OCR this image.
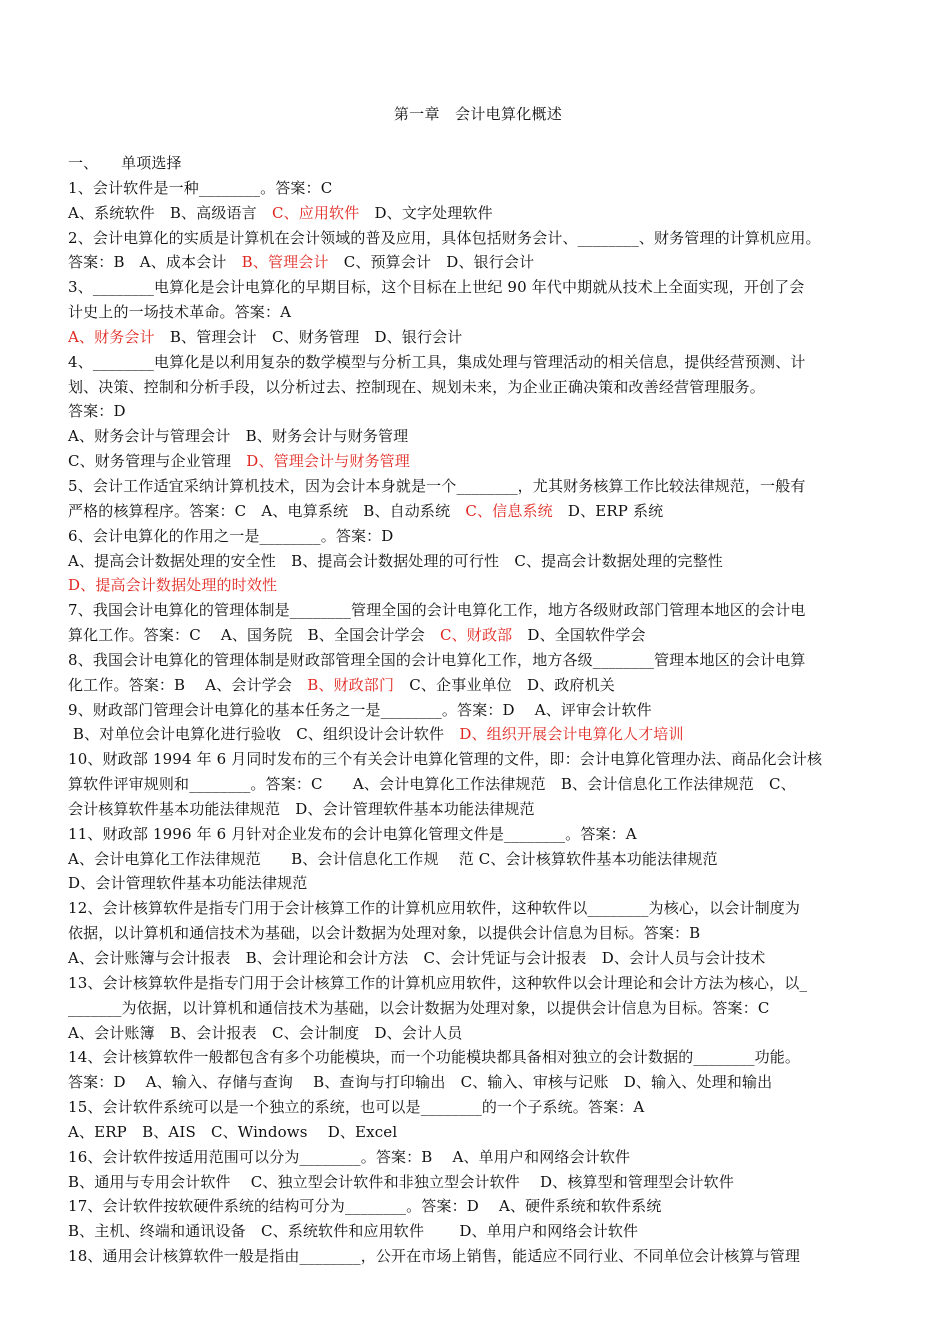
第一章　会计电算化概述
一、　　单项选择
1、会计软件是一种________。答案：C
A、系统软件　B、高级语言　C、应用软件　D、文字处理软件
2、会计电算化的实质是计算机在会计领域的普及应用，具体包括财务会计、________、财务管理的计算机应用。
答案：B　A、成本会计　B、管理会计　C、预算会计　D、银行会计
3、________电算化是会计电算化的早期目标，这个目标在上世纪 90 年代中期就从技术上全面实现，开创了会
计史上的一场技术革命。答案：A
A、财务会计　B、管理会计　C、财务管理　D、银行会计
4、________电算化是以利用复杂的数学模型与分析工具，集成处理与管理活动的相关信息，提供经营预测、计
划、决策、控制和分析手段，以分析过去、控制现在、规划未来，为企业正确决策和改善经营管理服务。
答案：D
A、财务会计与管理会计　B、财务会计与财务管理
C、财务管理与企业管理　D、管理会计与财务管理
5、会计工作适宜采纳计算机技术，因为会计本身就是一个________，尤其财务核算工作比较法律规范，一般有
严格的核算程序。答案：C　A、电算系统　B、自动系统　C、信息系统　D、ERP 系统
6、会计电算化的作用之一是________。答案：D
A、提高会计数据处理的安全性　B、提高会计数据处理的可行性　C、提高会计数据处理的完整性
D、提高会计数据处理的时效性
7、我国会计电算化的管理体制是________管理全国的会计电算化工作，地方各级财政部门管理本地区的会计电
算化工作。答案：C　 A、国务院　B、全国会计学会　C、财政部　D、全国软件学会
8、我国会计电算化的管理体制是财政部管理全国的会计电算化工作，地方各级________管理本地区的会计电算
化工作。答案：B　 A、会计学会　B、财政部门　C、企事业单位　D、政府机关
9、财政部门管理会计电算化的基本任务之一是________。答案：D　 A、评审会计软件
B、对单位会计电算化进行验收　C、组织设计会计软件　D、组织开展会计电算化人才培训
10、财政部 1994 年 6 月同时发布的三个有关会计电算化管理的文件，即：会计电算化管理办法、商品化会计核
算软件评审规则和________。答案：C　　A、会计电算化工作法律规范　B、会计信息化工作法律规范　C、
会计核算软件基本功能法律规范　D、会计管理软件基本功能法律规范
11、财政部 1996 年 6 月针对企业发布的会计电算化管理文件是________。答案：A
A、会计电算化工作法律规范　　B、会计信息化工作规　 范 C、会计核算软件基本功能法律规范
D、会计管理软件基本功能法律规范
12、会计核算软件是指专门用于会计核算工作的计算机应用软件，这种软件以________为核心，以会计制度为
依据，以计算机和通信技术为基础，以会计数据为处理对象，以提供会计信息为目标。答案：B
A、会计账簿与会计报表　B、会计理论和会计方法　C、会计凭证与会计报表　D、会计人员与会计技术
13、会计核算软件是指专门用于会计核算工作的计算机应用软件，这种软件以会计理论和会计方法为核心，以_
_______为依据，以计算机和通信技术为基础，以会计数据为处理对象，以提供会计信息为目标。答案：C
A、会计账簿　B、会计报表　C、会计制度　D、会计人员
14、会计核算软件一般都包含有多个功能模块，而一个功能模块都具备相对独立的会计数据的________功能。
答案：D　 A、输入、存储与查询　 B、查询与打印输出　C、输入、审核与记账　D、输入、处理和输出
15、会计软件系统可以是一个独立的系统，也可以是________的一个子系统。答案：A
A、ERP　B、AIS　C、Windows　 D、Excel
16、会计软件按适用范围可以分为________。答案：B　 A、单用户和网络会计软件
B、通用与专用会计软件　 C、独立型会计软件和非独立型会计软件　 D、核算型和管理型会计软件
17、会计软件按软硬件系统的结构可分为________。答案：D　 A、硬件系统和软件系统
B、主机、终端和通讯设备　C、系统软件和应用软件　　 D、单用户和网络会计软件
18、通用会计核算软件一般是指由________，公开在市场上销售，能适应不同行业、不同单位会计核算与管理
